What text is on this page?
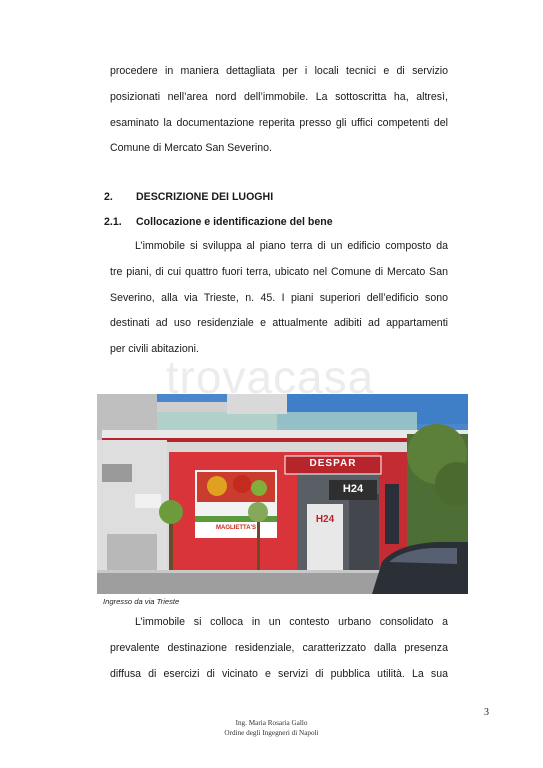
procedere in maniera dettagliata per i locali tecnici e di servizio
posizionati nell’area nord dell’immobile. La sottoscritta ha, altresì,
esaminato la documentazione reperita presso gli uffici competenti del
Comune di Mercato San Severino.
2. DESCRIZIONE DEI LUOGHI
2.1. Collocazione e identificazione del bene
L’immobile si sviluppa al piano terra di un edificio composto da
tre piani, di cui quattro fuori terra, ubicato nel Comune di Mercato San
Severino, alla via Trieste, n. 45. I piani superiori dell’edificio sono
destinati ad uso residenziale e attualmente adibiti ad appartamenti
per civili abitazioni.
DESPAR
H24
MAGLIETTA'S
H24
trovacasa
Ingresso da via Trieste
L’immobile si colloca in un contesto urbano consolidato a
prevalente destinazione residenziale, caratterizzato dalla presenza
diffusa di esercizi di vicinato e servizi di pubblica utilità. La sua
3
Ing. Maria Rosaria Gallo
Ordine degli Ingegneri di Napoli
